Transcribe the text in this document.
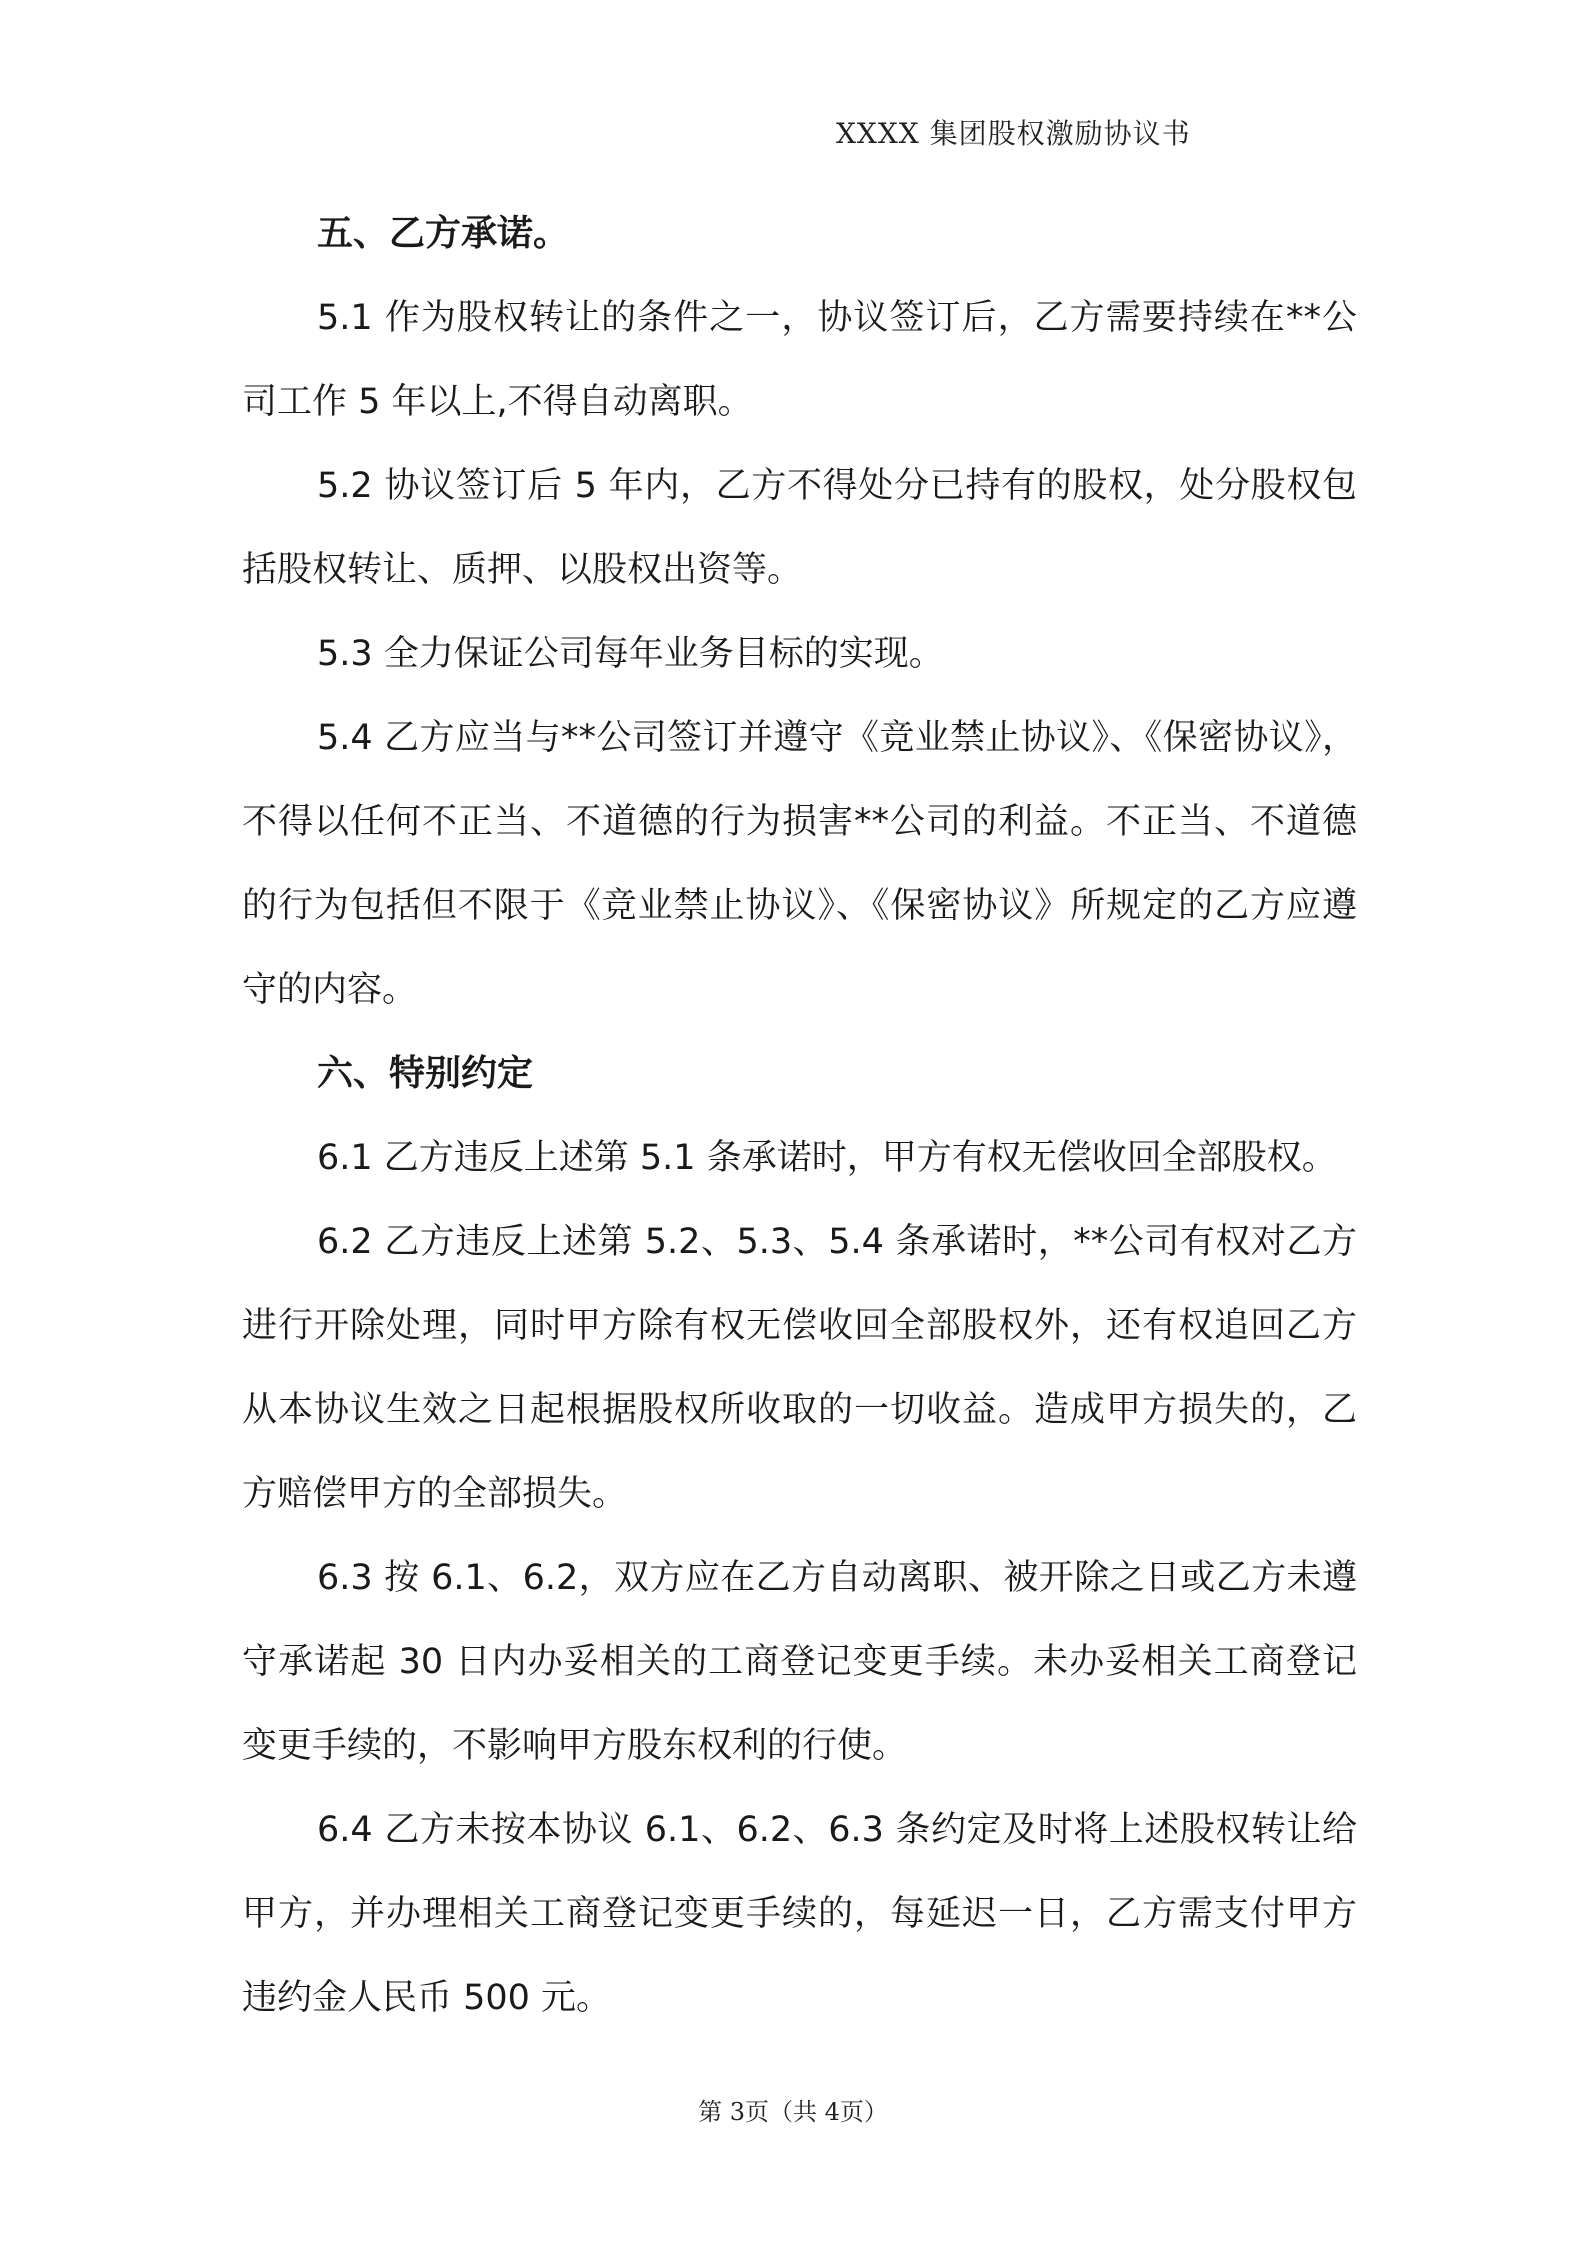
XXXX 集团股权激励协议书
五、乙方承诺。

5.1 作为股权转让的条件之一，协议签订后，乙方需要持续在**公司工作 5 年以上,不得自动离职。

5.2 协议签订后 5 年内，乙方不得处分已持有的股权，处分股权包括股权转让、质押、以股权出资等。

5.3 全力保证公司每年业务目标的实现。

5.4 乙方应当与**公司签订并遵守《竞业禁止协议》、《保密协议》，不得以任何不正当、不道德的行为损害**公司的利益。不正当、不道德的行为包括但不限于《竞业禁止协议》、《保密协议》所规定的乙方应遵守的内容。

六、特别约定

6.1 乙方违反上述第 5.1 条承诺时，甲方有权无偿收回全部股权。

6.2 乙方违反上述第 5.2、5.3、5.4 条承诺时，**公司有权对乙方进行开除处理，同时甲方除有权无偿收回全部股权外，还有权追回乙方从本协议生效之日起根据股权所收取的一切收益。造成甲方损失的，乙方赔偿甲方的全部损失。

6.3 按 6.1、6.2，双方应在乙方自动离职、被开除之日或乙方未遵守承诺起 30 日内办妥相关的工商登记变更手续。未办妥相关工商登记变更手续的，不影响甲方股东权利的行使。

6.4 乙方未按本协议 6.1、6.2、6.3 条约定及时将上述股权转让给甲方，并办理相关工商登记变更手续的，每延迟一日，乙方需支付甲方违约金人民币 500 元。

第 3页（共 4页）
